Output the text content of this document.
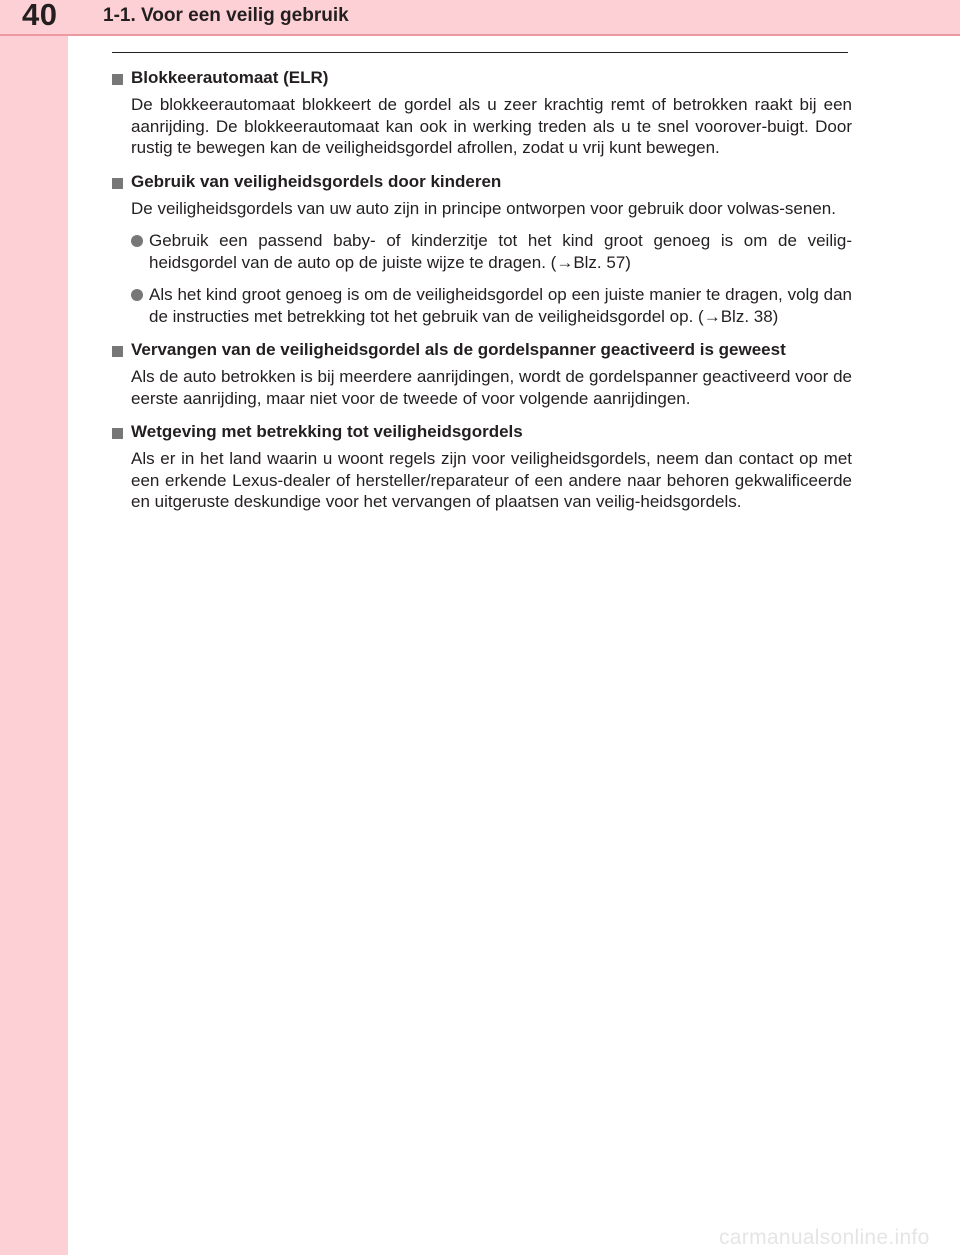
40 1-1. Voor een veilig gebruik
Blokkeerautomaat (ELR)
De blokkeerautomaat blokkeert de gordel als u zeer krachtig remt of betrokken raakt bij een aanrijding. De blokkeerautomaat kan ook in werking treden als u te snel voorover-buigt. Door rustig te bewegen kan de veiligheidsgordel afrollen, zodat u vrij kunt bewegen.
Gebruik van veiligheidsgordels door kinderen
De veiligheidsgordels van uw auto zijn in principe ontworpen voor gebruik door volwas-senen.
Gebruik een passend baby- of kinderzitje tot het kind groot genoeg is om de veilig-heidsgordel van de auto op de juiste wijze te dragen. (→Blz. 57)
Als het kind groot genoeg is om de veiligheidsgordel op een juiste manier te dragen, volg dan de instructies met betrekking tot het gebruik van de veiligheidsgordel op. (→Blz. 38)
Vervangen van de veiligheidsgordel als de gordelspanner geactiveerd is geweest
Als de auto betrokken is bij meerdere aanrijdingen, wordt de gordelspanner geactiveerd voor de eerste aanrijding, maar niet voor de tweede of voor volgende aanrijdingen.
Wetgeving met betrekking tot veiligheidsgordels
Als er in het land waarin u woont regels zijn voor veiligheidsgordels, neem dan contact op met een erkende Lexus-dealer of hersteller/reparateur of een andere naar behoren gekwalificeerde en uitgeruste deskundige voor het vervangen of plaatsen van veilig-heidsgordels.
carmanualsonline.info
